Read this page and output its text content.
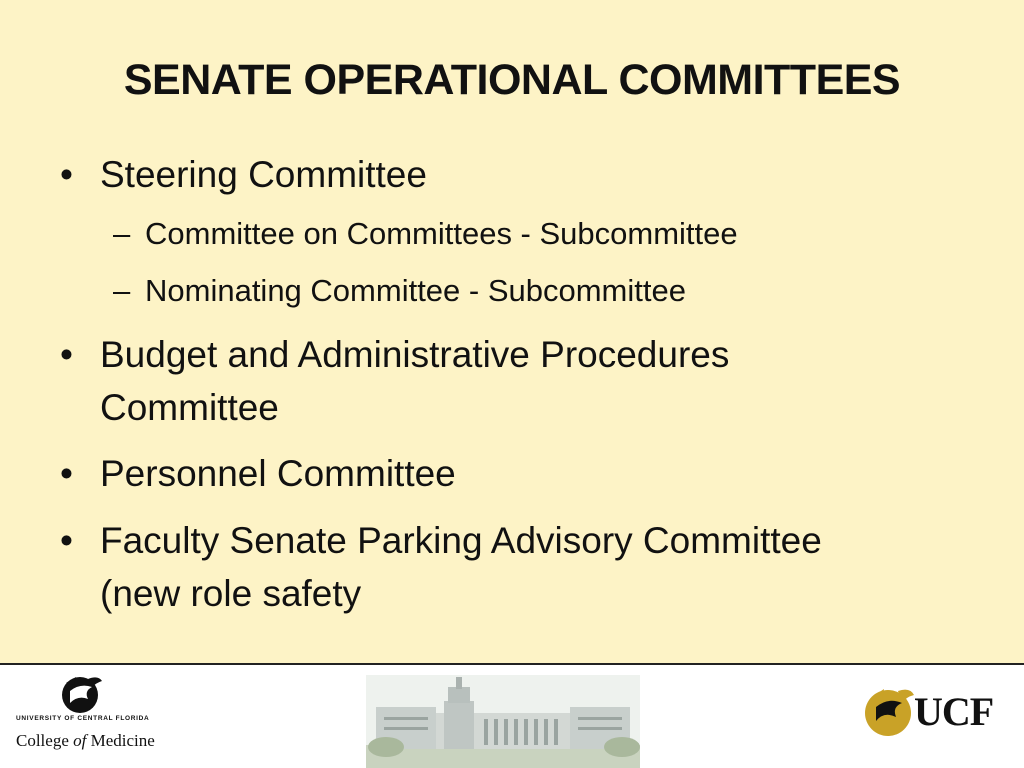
SENATE OPERATIONAL COMMITTEES
• Steering Committee
– Committee on Committees - Subcommittee
– Nominating Committee - Subcommittee
• Budget and Administrative Procedures
Committee
• Personnel Committee
• Faculty Senate Parking Advisory Committee
(new role safety
UNIVERSITY OF CENTRAL FLORIDA
College of Medicine
UCF
